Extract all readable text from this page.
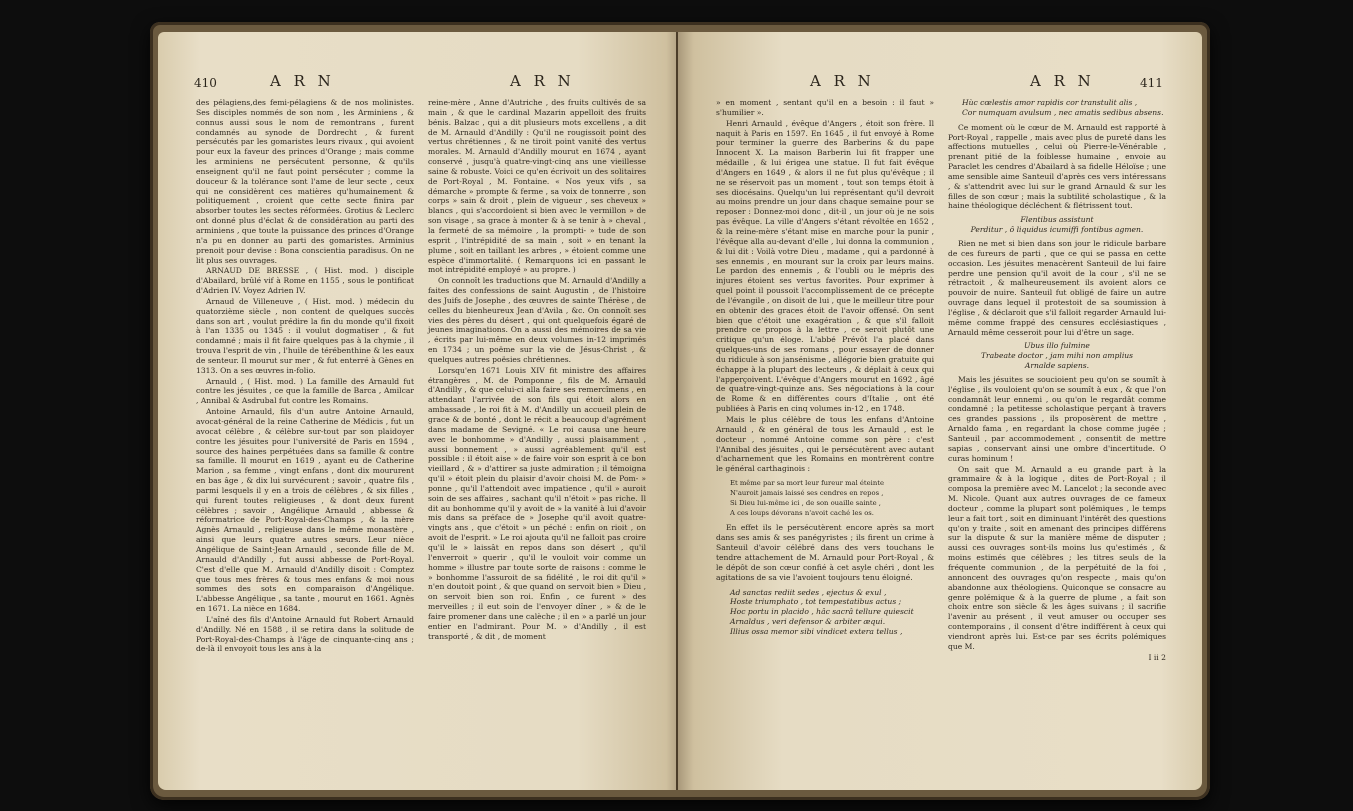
410	A R N	A R N

des pélagiens,des femi-pélagiens & de nos molinistes. Ses disciples nommés de son nom , les Arminiens , & connus aussi sous le nom de remontrans , furent condamnés au synode de Dordrecht , & furent persécutés par les gomaristes leurs rivaux , qui avoient pour eux la faveur des princes d'Orange ; mais comme les arminiens ne persécutent personne, & qu'ils enseignent qu'il ne faut point persécuter ; comme la douceur & la tolérance sont l'ame de leur secte , ceux qui ne considèrent ces matières qu'humainement & politiquement , croient que cette secte finira par absorber toutes les sectes réformées. Grotius & Leclerc ont donné plus d'éclat & de considération au parti des arminiens , que toute la puissance des princes d'Orange n'a pu en donner au parti des gomaristes. Arminius prenoit pour devise : Bona conscientia paradisus. On ne lit plus ses ouvrages.

ARNAUD DE BRESSE , ( Hist. mod. ) disciple d'Abailard, brûlé vif à Rome en 1155 , sous le pontificat d'Adrien IV. Voyez Adrien IV.

Arnaud de Villeneuve , ( Hist. mod. ) médecin du quatorzième siècle , non content de quelques succès dans son art , voulut prédire la fin du monde qu'il fixoit à l'an 1335 ou 1345 : il voulut dogmatiser , & fut condamné ; mais il fit faire quelques pas à la chymie , il trouva l'esprit de vin , l'huile de térébenthine & les eaux de senteur. Il mourut sur mer , & fut enterré à Gènes en 1313. On a ses œuvres in-folio.

Arnauld , ( Hist. mod. ) La famille des Arnauld fut contre les jésuites , ce que la famille de Barca , Amilcar , Annibal & Asdrubal fut contre les Romains.

Antoine Arnauld, fils d'un autre Antoine Arnauld, avocat-général de la reine Catherine de Médicis , fut un avocat célèbre , & célèbre sur-tout par son plaidoyer contre les jésuites pour l'université de Paris en 1594 , source des haines perpétuées dans sa famille & contre sa famille. Il mourut en 1619 , ayant eu de Catherine Marion , sa femme , vingt enfans , dont dix moururent en bas âge , & dix lui survécurent ; savoir , quatre fils , parmi lesquels il y en a trois de célèbres , & six filles , qui furent toutes religieuses , & dont deux furent célèbres ; savoir , Angélique Arnauld , abbesse & réformatrice de Port-Royal-des-Champs , & la mère Agnès Arnauld , religieuse dans le même monastère , ainsi que leurs quatre autres sœurs. Leur nièce Angélique de Saint-Jean Arnauld , seconde fille de M. Arnauld d'Andilly , fut aussi abbesse de Port-Royal. C'est d'elle que M. Arnauld d'Andilly disoit : Comptez que tous mes frères & tous mes enfans & moi nous sommes des sots en comparaison d'Angélique. L'abbesse Angélique , sa tante , mourut en 1661. Agnès en 1671. La nièce en 1684.

L'aîné des fils d'Antoine Arnauld fut Robert Arnauld d'Andilly. Né en 1588 , il se retira dans la solitude de Port-Royal-des-Champs à l'âge de cinquante-cinq ans ; de-là il envoyoit tous les ans à la

reine-mère , Anne d'Autriche , des fruits cultivés de sa main , & que le cardinal Mazarin appelloit des fruits bénis. Balzac , qui a dit plusieurs mots excellens , a dit de M. Arnauld d'Andilly : Qu'il ne rougissoit point des vertus chrétiennes , & ne tiroit point vanité des vertus morales. M. Arnauld d'Andilly mourut en 1674 , ayant conservé , jusqu'à quatre-vingt-cinq ans une vieillesse saine & robuste. Voici ce qu'en écrivoit un des solitaires de Port-Royal , M. Fontaine. « Nos yeux vifs , sa démarche » prompte & ferme , sa voix de tonnerre , son corps » sain & droit , plein de vigueur , ses cheveux » blancs , qui s'accordoient si bien avec le vermillon » de son visage , sa grace à monter & à se tenir à » cheval , la fermeté de sa mémoire , la prompti- » tude de son esprit , l'intrépidité de sa main , soit » en tenant la plume , soit en taillant les arbres , » étoient comme une espèce d'immortalité. ( Remarquons ici en passant le mot intrépidité employé » au propre. )

On connoît les traductions que M. Arnauld d'Andilly a faites des confessions de saint Augustin , de l'histoire des Juifs de Josephe , des œuvres de sainte Thérèse , de celles du bienheureux Jean d'Avila , &c. On connoît ses vies des pères du désert , qui ont quelquefois égaré de jeunes imaginations. On a aussi des mémoires de sa vie , écrits par lui-même en deux volumes in-12 imprimés en 1734 ; un poëme sur la vie de Jésus-Christ , & quelques autres poësies chrétiennes.

Lorsqu'en 1671 Louis XIV fit ministre des affaires étrangères , M. de Pomponne , fils de M. Arnauld d'Andilly , & que celui-ci alla faire ses remercîmens , en attendant l'arrivée de son fils qui étoit alors en ambassade , le roi fit à M. d'Andilly un accueil plein de grace & de bonté , dont le récit a beaucoup d'agrément dans madame de Sevigné. « Le roi causa une heure avec le bonhomme » d'Andilly , aussi plaisamment , aussi bonnement , » aussi agréablement qu'il est possible : il étoit aise » de faire voir son esprit à ce bon vieillard , & » d'attirer sa juste admiration ; il témoigna qu'il » étoit plein du plaisir d'avoir choisi M. de Pom- » ponne , qu'il l'attendoit avec impatience , qu'il » auroit soin de ses affaires , sachant qu'il n'étoit » pas riche. Il dit au bonhomme qu'il y avoit de » la vanité à lui d'avoir mis dans sa préface de » Josephe qu'il avoit quatre-vingts ans , que c'étoit » un péché : enfin on rioit , on avoit de l'esprit. » Le roi ajouta qu'il ne falloit pas croire qu'il le » laissât en repos dans son désert , qu'il l'enverroit » querir , qu'il le vouloit voir comme un homme » illustre par toute sorte de raisons : comme le » bonhomme l'assuroit de sa fidélité , le roi dit qu'il » n'en doutoit point , & que quand on servoit bien » Dieu , on servoit bien son roi. Enfin , ce furent » des merveilles ; il eut soin de l'envoyer dîner , » & de le faire promener dans une calèche ; il en » a parlé un jour entier en l'admirant. Pour M. » d'Andilly , il est transporté , & dit , de moment

A R N	A R N	411

» en moment , sentant qu'il en a besoin : il faut » s'humilier ».

Henri Arnauld , évêque d'Angers , étoit son frère. Il naquit à Paris en 1597. En 1645 , il fut envoyé à Rome pour terminer la guerre des Barberins & du pape Innocent X. La maison Barberin lui fit frapper une médaille , & lui érigea une statue. Il fut fait évêque d'Angers en 1649 , & alors il ne fut plus qu'évêque ; il ne se réservoit pas un moment , tout son temps étoit à ses diocésains. Quelqu'un lui représentant qu'il devroit au moins prendre un jour dans chaque semaine pour se reposer : Donnez-moi donc , dit-il , un jour où je ne sois pas évêque. La ville d'Angers s'étant révoltée en 1652 , & la reine-mère s'étant mise en marche pour la punir , l'évêque alla au-devant d'elle , lui donna la communion , & lui dit : Voilà votre Dieu , madame , qui a pardonné à ses ennemis , en mourant sur la croix par leurs mains. Le pardon des ennemis , & l'oubli ou le mépris des injures étoient ses vertus favorites. Pour exprimer à quel point il poussoit l'accomplissement de ce précepte de l'évangile , on disoit de lui , que le meilleur titre pour en obtenir des graces étoit de l'avoir offensé. On sent bien que c'étoit une exagération , & que s'il falloit prendre ce propos à la lettre , ce seroit plutôt une critique qu'un éloge. L'abbé Prévôt l'a placé dans quelques-uns de ses romans , pour essayer de donner du ridicule à son jansénisme , allégorie bien gratuite qui échappe à la plupart des lecteurs , & déplait à ceux qui l'apperçoivent. L'évêque d'Angers mourut en 1692 , âgé de quatre-vingt-quinze ans. Ses négociations à la cour de Rome & en différentes cours d'Italie , ont été publiées à Paris en cinq volumes in-12 , en 1748.

Mais le plus célèbre de tous les enfans d'Antoine Arnauld , & en général de tous les Arnauld , est le docteur , nommé Antoine comme son père : c'est l'Annibal des jésuites , qui le persécutèrent avec autant d'acharnement que les Romains en montrèrent contre le général carthaginois :

Et même par sa mort leur fureur mal éteinte
N'auroit jamais laissé ses cendres en repos ,
Si Dieu lui-même ici , de son ouaille sainte ,
A ces loups dévorans n'avoit caché les os.

En effet ils le persécutèrent encore après sa mort dans ses amis & ses panégyristes ; ils firent un crime à Santeuil d'avoir célébré dans des vers touchans le tendre attachement de M. Arnauld pour Port-Royal , & le dépôt de son cœur confié à cet asyle chéri , dont les agitations de sa vie l'avoient toujours tenu éloigné.

Ad sanctas rediit sedes , ejectus & exul ,
Hoste triumphato , tot tempestatibus actus ;
Hoc portu in placido , hâc sacrâ tellure quiescit
Arnaldus , veri defensor & arbiter æqui.
Illius ossa memor sibi vindicet extera tellus ,
Hùc cœlestis amor rapidis cor transtulit alis ,
Cor numquam avulsum , nec amatis sedibus absens.

Ce moment où le cœur de M. Arnauld est rapporté à Port-Royal , rappelle , mais avec plus de pureté dans les affections mutuelles , celui où Pierre-le-Vénérable , prenant pitié de la foiblesse humaine , envoie au Paraclet les cendres d'Abailard à sa fidelle Héloïse ; une ame sensible aime Santeuil d'après ces vers intéressans , & s'attendrit avec lui sur le grand Arnauld & sur les filles de son cœur ; mais la subtilité scholastique , & la haine théologique décléchent & flétrissent tout.

Flentibus assistunt
Perditur , ô liquidus icumiffi fontibus agmen.

Rien ne met si bien dans son jour le ridicule barbare de ces fureurs de parti , que ce qui se passa en cette occasion. Les jésuites menacèrent Santeuil de lui faire perdre une pension qu'il avoit de la cour , s'il ne se rétractoit , & malheureusement ils avoient alors ce pouvoir de nuire. Santeuil fut obligé de faire un autre ouvrage dans lequel il protestoit de sa soumission à l'église , & déclaroit que s'il falloit regarder Arnauld lui-même comme frappé des censures ecclésiastiques , Arnauld même cesseroit pour lui d'être un sage.

Ubus illo fulmine
Trabeate doctor , jam mihi non amplius
Arnalde sapiens.

Mais les jésuites se soucioient peu qu'on se soumît à l'église , ils vouloient qu'on se soumît à eux , & que l'on condamnât leur ennemi , ou qu'on le regardât comme condamné ; la petitesse scholastique perçant à travers ces grandes passions , ils proposèrent de mettre , Arnaldo fama , en regardant la chose comme jugée ; Santeuil , par accommodement , consentit de mettre sapias , conservant ainsi une ombre d'incertitude. O curas hominum !

On sait que M. Arnauld a eu grande part à la grammaire & à la logique , dites de Port-Royal ; il composa la première avec M. Lancelot ; la seconde avec M. Nicole. Quant aux autres ouvrages de ce fameux docteur , comme la plupart sont polémiques , le temps leur a fait tort , soit en diminuant l'intérêt des questions qu'on y traite , soit en amenant des principes différens sur la dispute & sur la manière même de disputer ; aussi ces ouvrages sont-ils moins lus qu'estimés , & moins estimés que célèbres ; les titres seuls de la fréquente communion , de la perpétuité de la foi , annoncent des ouvrages qu'on respecte , mais qu'on abandonne aux théologiens. Quiconque se consacre au genre polémique & à la guerre de plume , a fait son choix entre son siècle & les âges suivans ; il sacrifie l'avenir au présent , il veut amuser ou occuper ses contemporains , il consent d'être indifférent à ceux qui viendront après lui. Est-ce par ses écrits polémiques que M.

I ii 2
